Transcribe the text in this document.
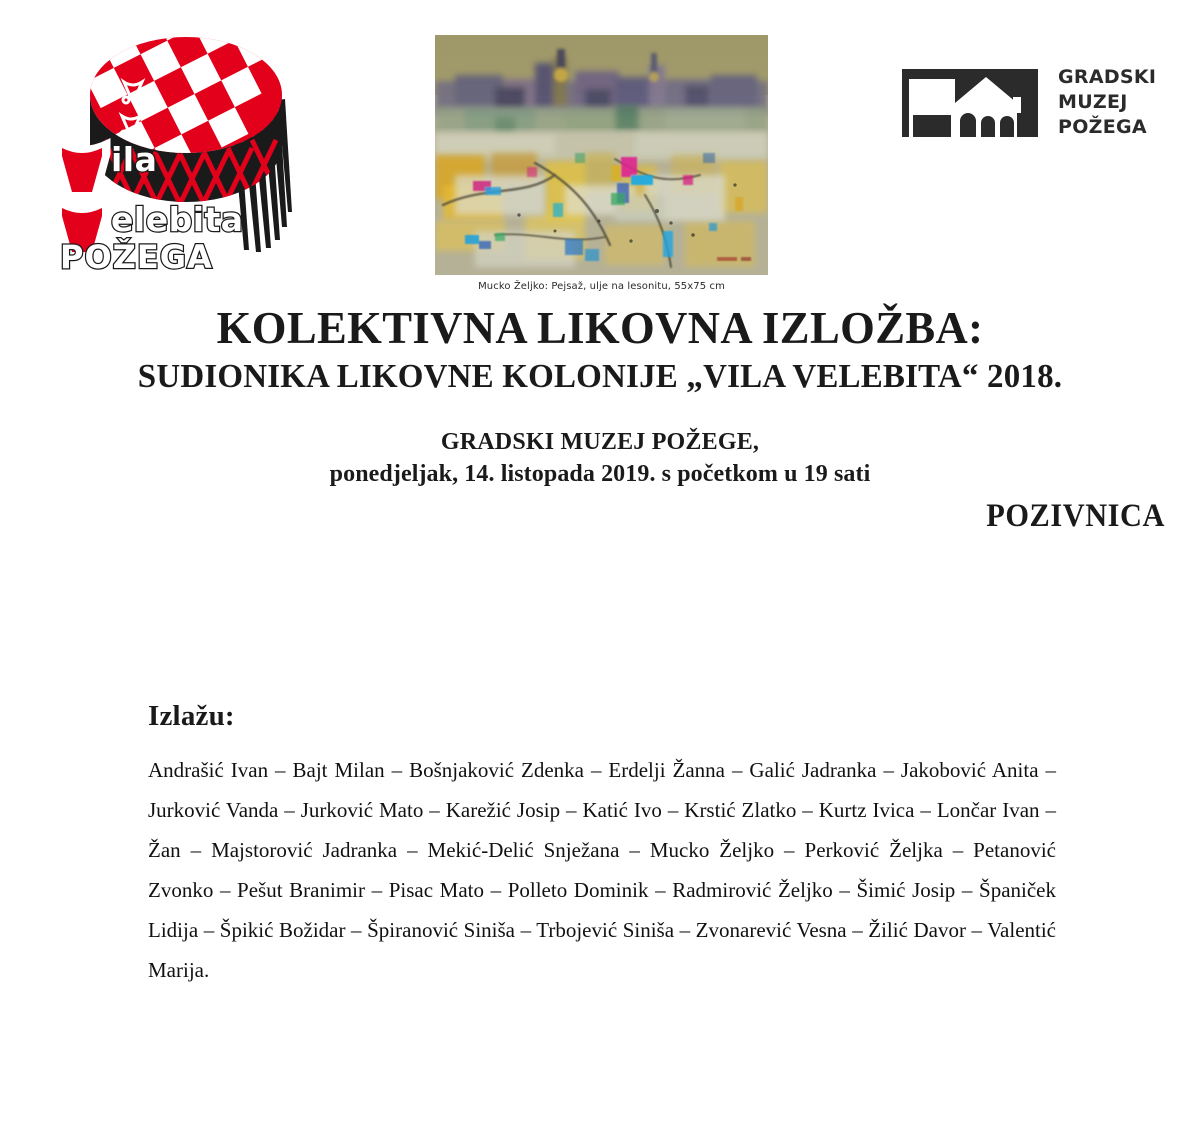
ila
elebita
POŽEGA
Mucko Željko: Pejsaž, ulje na lesonitu, 55x75 cm
GRADSKI
MUZEJ
POŽEGA
KOLEKTIVNA LIKOVNA IZLOŽBA:
SUDIONIKA LIKOVNE KOLONIJE „VILA VELEBITA“ 2018.
GRADSKI MUZEJ POŽEGE,
ponedjeljak, 14. listopada 2019. s početkom u 19 sati
POZIVNICA
Izlažu:
Andrašić Ivan – Bajt Milan – Bošnjaković Zdenka – Erdelji Žanna – Galić Jadranka – Jakobović Anita – Jurković Vanda – Jurković Mato – Karežić Josip – Katić Ivo – Krstić Zlatko – Kurtz Ivica – Lončar Ivan – Žan – Majstorović Jadranka – Mekić-Delić Snježana – Mucko Željko – Perković Željka – Petanović Zvonko – Pešut Branimir – Pisac Mato – Polleto Dominik – Radmirović Željko – Šimić Josip – Španiček Lidija – Špikić Božidar – Špiranović Siniša – Trbojević Siniša – Zvonarević Vesna – Žilić Davor – Valentić Marija.
